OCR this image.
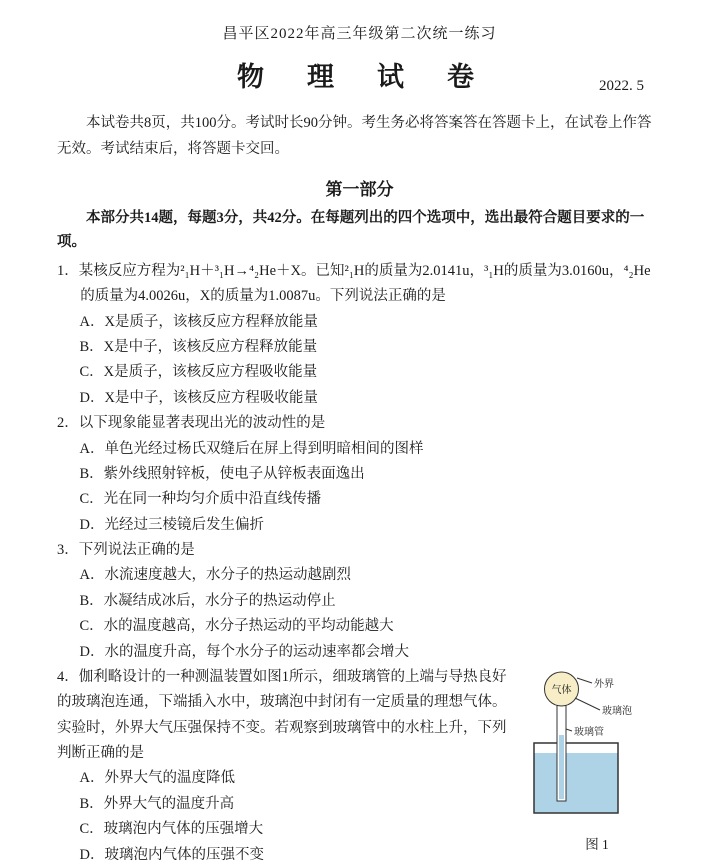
昌平区2022年高三年级第二次统一练习
物　理　试　卷	2022. 5

本试卷共8页，共100分。考试时长90分钟。考生务必将答案答在答题卡上，在试卷上作答无效。考试结束后，将答题卡交回。

第一部分

本部分共14题，每题3分，共42分。在每题列出的四个选项中，选出最符合题目要求的一项。

1．某核反应方程为²₁H＋³₁H→⁴₂He＋X。已知²₁H的质量为2.0141u，³₁H的质量为3.0160u，⁴₂He的质量为4.0026u，X的质量为1.0087u。下列说法正确的是
A．X是质子，该核反应方程释放能量
B．X是中子，该核反应方程释放能量
C．X是质子，该核反应方程吸收能量
D．X是中子，该核反应方程吸收能量
2．以下现象能显著表现出光的波动性的是
A．单色光经过杨氏双缝后在屏上得到明暗相间的图样
B．紫外线照射锌板，使电子从锌板表面逸出
C．光在同一种均匀介质中沿直线传播
D．光经过三棱镜后发生偏折
3．下列说法正确的是
A．水流速度越大，水分子的热运动越剧烈
B．水凝结成冰后，水分子的热运动停止
C．水的温度越高，水分子热运动的平均动能越大
D．水的温度升高，每个水分子的运动速率都会增大
气体
外界
玻璃泡
玻璃管
图 1
4．伽利略设计的一种测温装置如图1所示，细玻璃管的上端与导热良好的玻璃泡连通，下端插入水中，玻璃泡中封闭有一定质量的理想气体。实验时，外界大气压强保持不变。若观察到玻璃管中的水柱上升，下列判断正确的是
A．外界大气的温度降低
B．外界大气的温度升高
C．玻璃泡内气体的压强增大
D．玻璃泡内气体的压强不变
